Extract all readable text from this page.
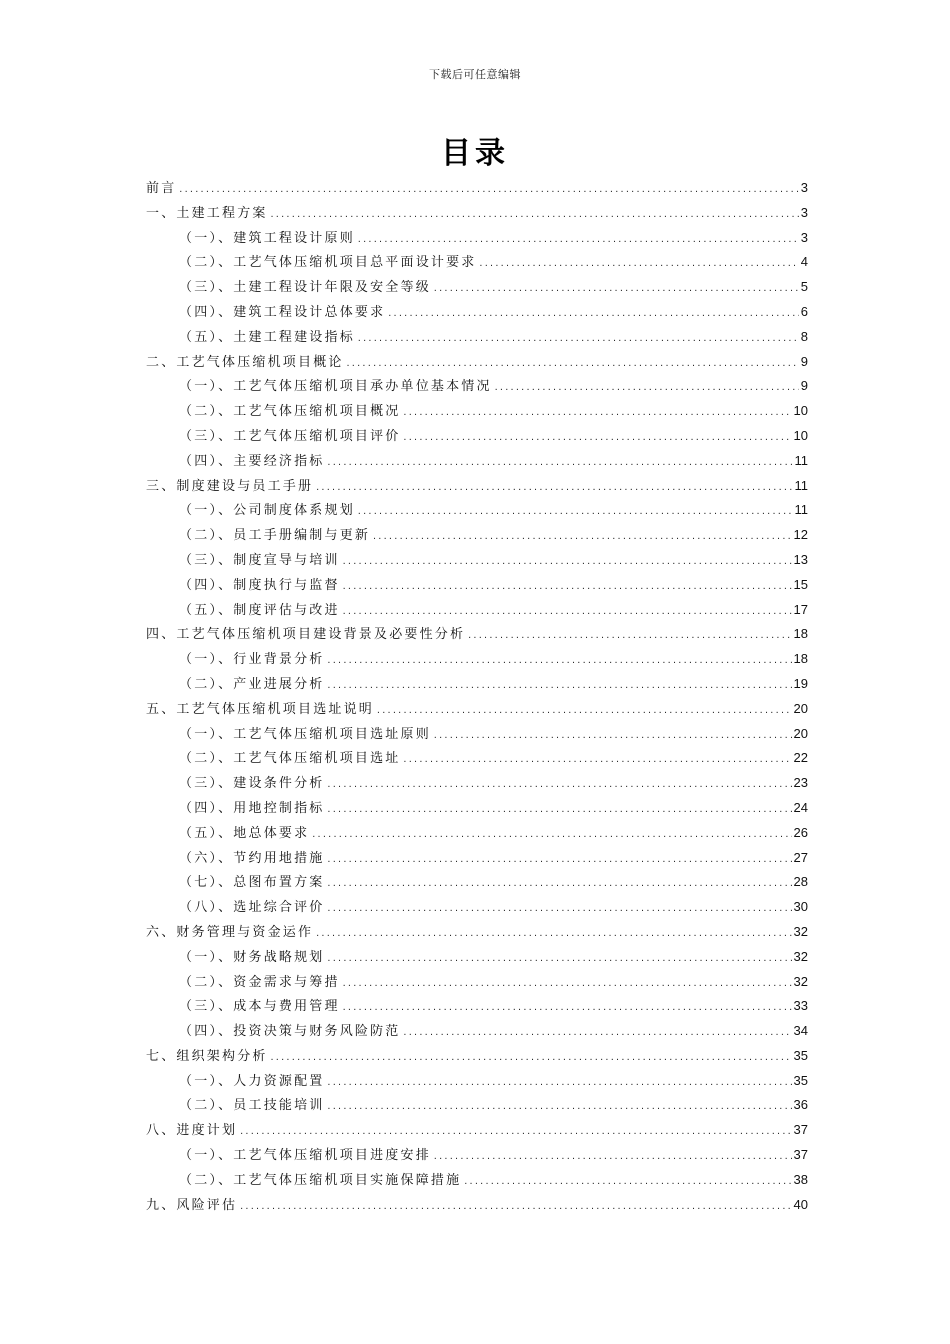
下载后可任意编辑
目录
前言 .....	3
一、土建工程方案 .....	3
（一）、建筑工程设计原则 .....	3
（二）、工艺气体压缩机项目总平面设计要求 .....	4
（三）、土建工程设计年限及安全等级 .....	5
（四）、建筑工程设计总体要求 .....	6
（五）、土建工程建设指标 .....	8
二、工艺气体压缩机项目概论 .....	9
（一）、工艺气体压缩机项目承办单位基本情况 .....	9
（二）、工艺气体压缩机项目概况 .....	10
（三）、工艺气体压缩机项目评价 .....	10
（四）、主要经济指标 .....	11
三、制度建设与员工手册 .....	11
（一）、公司制度体系规划 .....	11
（二）、员工手册编制与更新 .....	12
（三）、制度宣导与培训 .....	13
（四）、制度执行与监督 .....	15
（五）、制度评估与改进 .....	17
四、工艺气体压缩机项目建设背景及必要性分析 .....	18
（一）、行业背景分析 .....	18
（二）、产业进展分析 .....	19
五、工艺气体压缩机项目选址说明 .....	20
（一）、工艺气体压缩机项目选址原则 .....	20
（二）、工艺气体压缩机项目选址 .....	22
（三）、建设条件分析 .....	23
（四）、用地控制指标 .....	24
（五）、地总体要求 .....	26
（六）、节约用地措施 .....	27
（七）、总图布置方案 .....	28
（八）、选址综合评价 .....	30
六、财务管理与资金运作 .....	32
（一）、财务战略规划 .....	32
（二）、资金需求与筹措 .....	32
（三）、成本与费用管理 .....	33
（四）、投资决策与财务风险防范 .....	34
七、组织架构分析 .....	35
（一）、人力资源配置 .....	35
（二）、员工技能培训 .....	36
八、进度计划 .....	37
（一）、工艺气体压缩机项目进度安排 .....	37
（二）、工艺气体压缩机项目实施保障措施 .....	38
九、风险评估 .....	40
